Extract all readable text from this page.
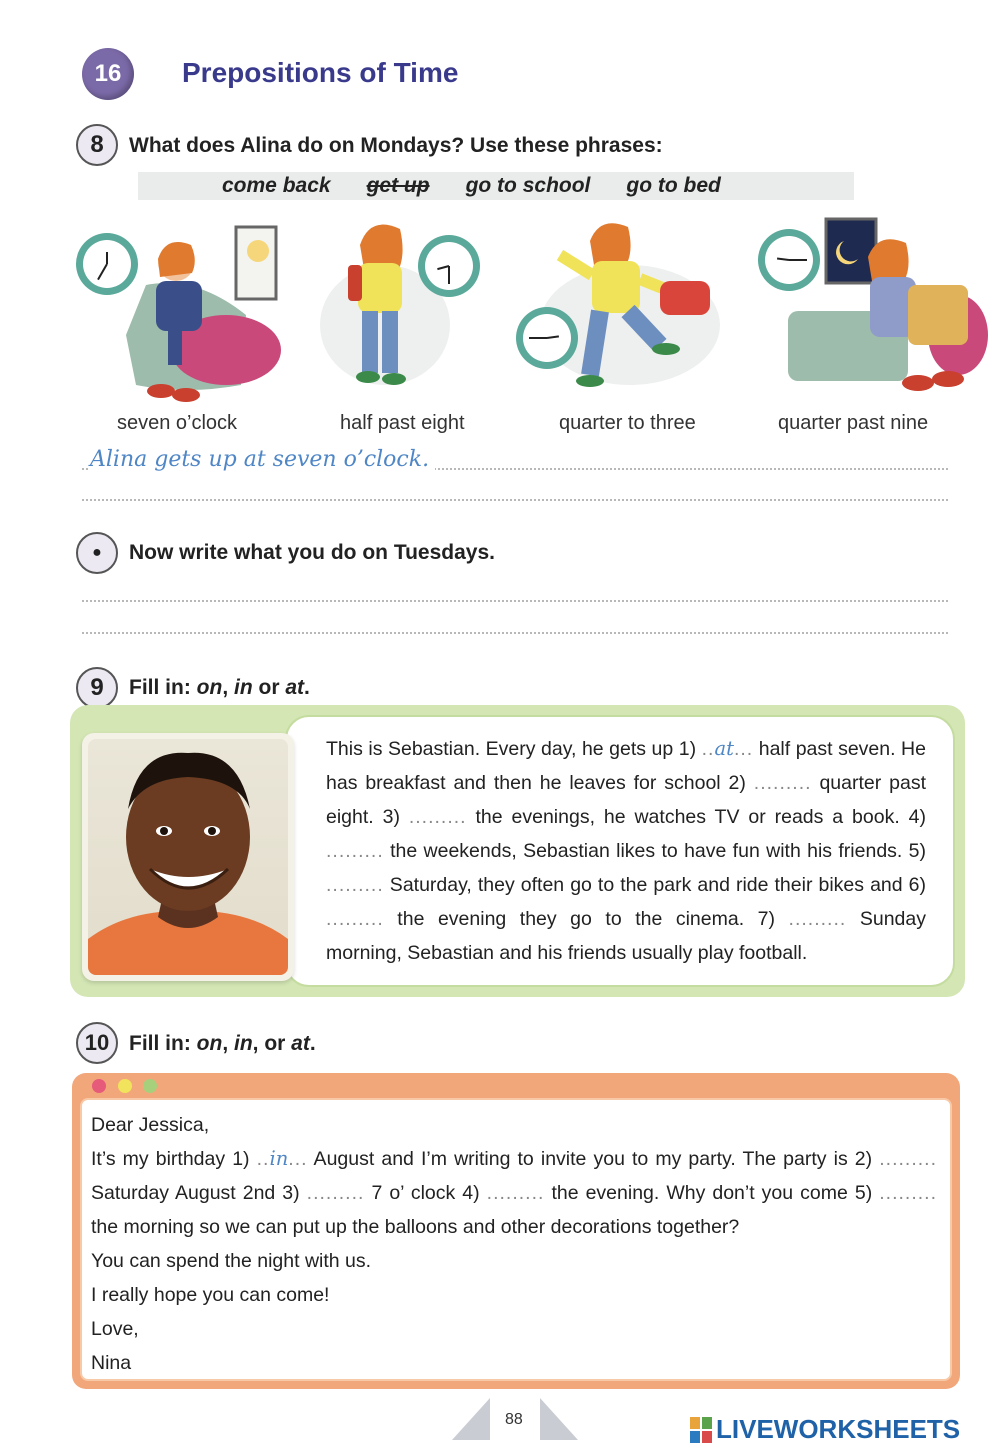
16	Prepositions of Time
8	What does Alina do on Mondays? Use these phrases:
come back get up go to school go to bed
seven o’clock	half past eight	quarter to three	quarter past nine
Alina gets up at seven o’clock.
●	Now write what you do on Tuesdays.
9	Fill in: on, in or at.
This is Sebastian. Every day, he gets up 1) ..at... half past seven. He has breakfast and then he leaves for school 2) ......... quarter past eight. 3) ......... the evenings, he watches TV or reads a book. 4) ......... the weekends, Sebastian likes to have fun with his friends. 5) ......... Saturday, they often go to the park and ride their bikes and 6) ......... the evening they go to the cinema. 7) ......... Sunday morning, Sebastian and his friends usually play football.
10 Fill in: on, in, or at.
Dear Jessica,
It’s my birthday 1) ..in... August and I’m writing to invite you to my party. The party is 2) ......... Saturday August 2nd 3) ......... 7 o’ clock 4) ......... the evening. Why don’t you come 5) ......... the morning so we can put up the balloons and other decorations together?
You can spend the night with us.
I really hope you can come!
Love,
Nina
88	LIVEWORKSHEETS
